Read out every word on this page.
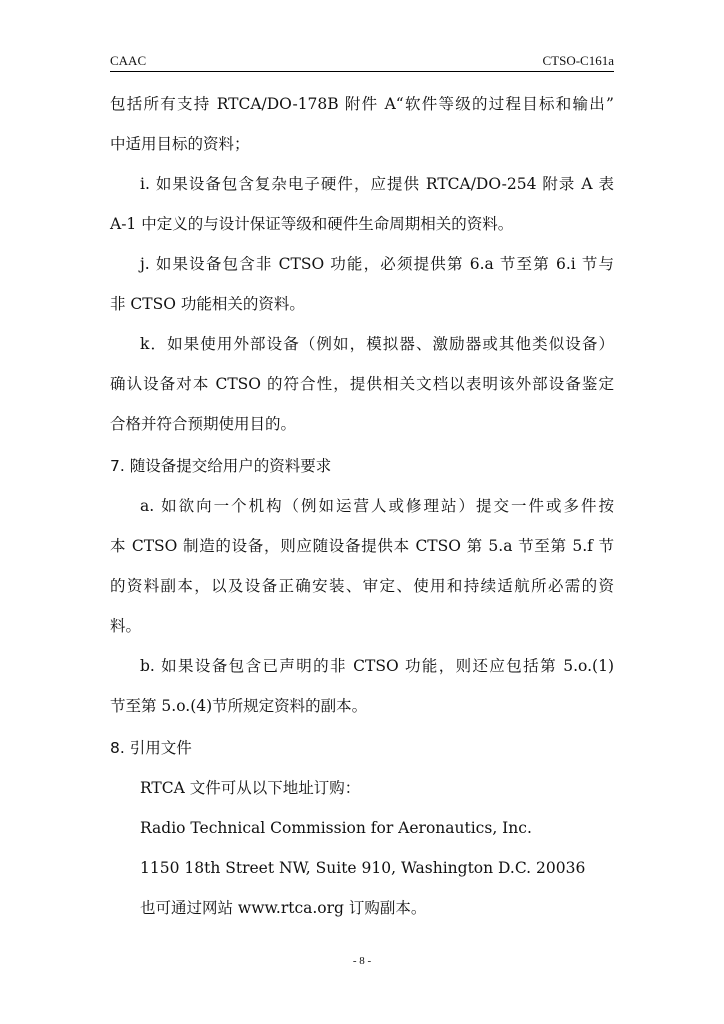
CAAC	CTSO-C161a
包括所有支持 RTCA/DO-178B 附件 A“软件等级的过程目标和输出”
中适用目标的资料；
i. 如果设备包含复杂电子硬件，应提供 RTCA/DO-254 附录 A 表
A-1 中定义的与设计保证等级和硬件生命周期相关的资料。
j. 如果设备包含非 CTSO 功能，必须提供第 6.a 节至第 6.i 节与
非 CTSO 功能相关的资料。
k．如果使用外部设备（例如，模拟器、激励器或其他类似设备）
确认设备对本 CTSO 的符合性，提供相关文档以表明该外部设备鉴定
合格并符合预期使用目的。
7. 随设备提交给用户的资料要求
a. 如欲向一个机构（例如运营人或修理站）提交一件或多件按
本 CTSO 制造的设备，则应随设备提供本 CTSO 第 5.a 节至第 5.f 节
的资料副本，以及设备正确安装、审定、使用和持续适航所必需的资
料。
b. 如果设备包含已声明的非 CTSO 功能，则还应包括第 5.o.(1)
节至第 5.o.(4)节所规定资料的副本。
8. 引用文件
RTCA 文件可从以下地址订购：
Radio Technical Commission for Aeronautics, Inc.
1150 18th Street NW, Suite 910, Washington D.C. 20036
也可通过网站 www.rtca.org 订购副本。
- 8 -
